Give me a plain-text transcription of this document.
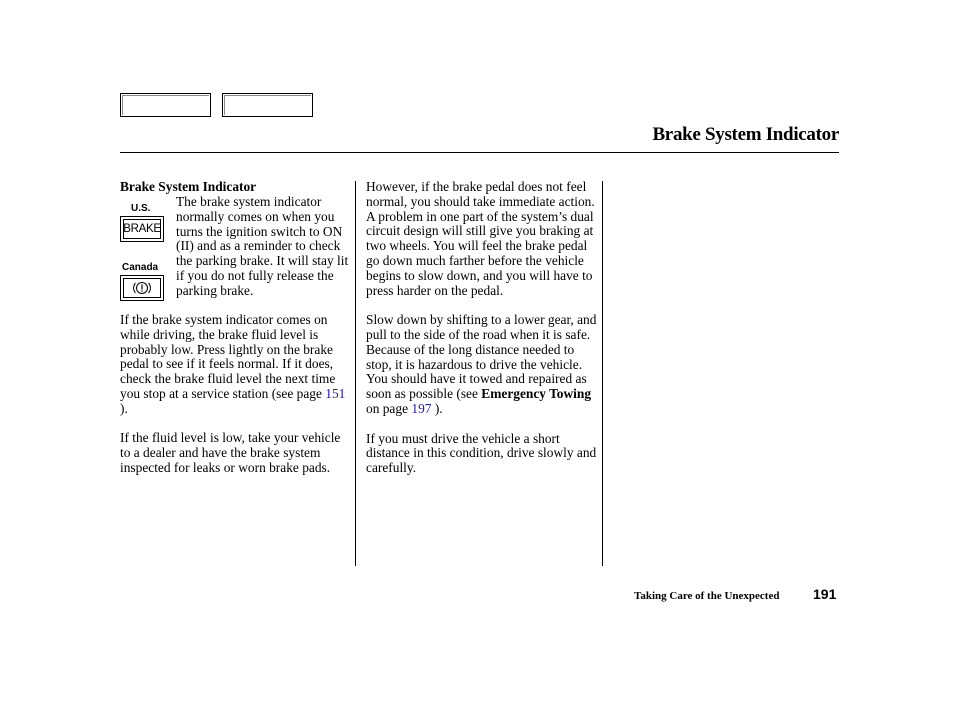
Brake System Indicator
Brake System Indicator
U.S.
BRAKE
Canada
The brake system indicator normally comes on when you turns the ignition switch to ON (II) and as a reminder to check the parking brake. It will stay lit if you do not fully release the parking brake.

If the brake system indicator comes on while driving, the brake fluid level is probably low. Press lightly on the brake pedal to see if it feels normal. If it does, check the brake fluid level the next time you stop at a service station (see page 151 ).

If the fluid level is low, take your vehicle to a dealer and have the brake system inspected for leaks or worn brake pads.

However, if the brake pedal does not feel normal, you should take immediate action. A problem in one part of the system’s dual circuit design will still give you braking at two wheels. You will feel the brake pedal go down much farther before the vehicle begins to slow down, and you will have to press harder on the pedal.

Slow down by shifting to a lower gear, and pull to the side of the road when it is safe. Because of the long distance needed to stop, it is hazardous to drive the vehicle. You should have it towed and repaired as soon as possible (see Emergency Towing on page 197 ).

If you must drive the vehicle a short distance in this condition, drive slowly and carefully.

Taking Care of the Unexpected 191
